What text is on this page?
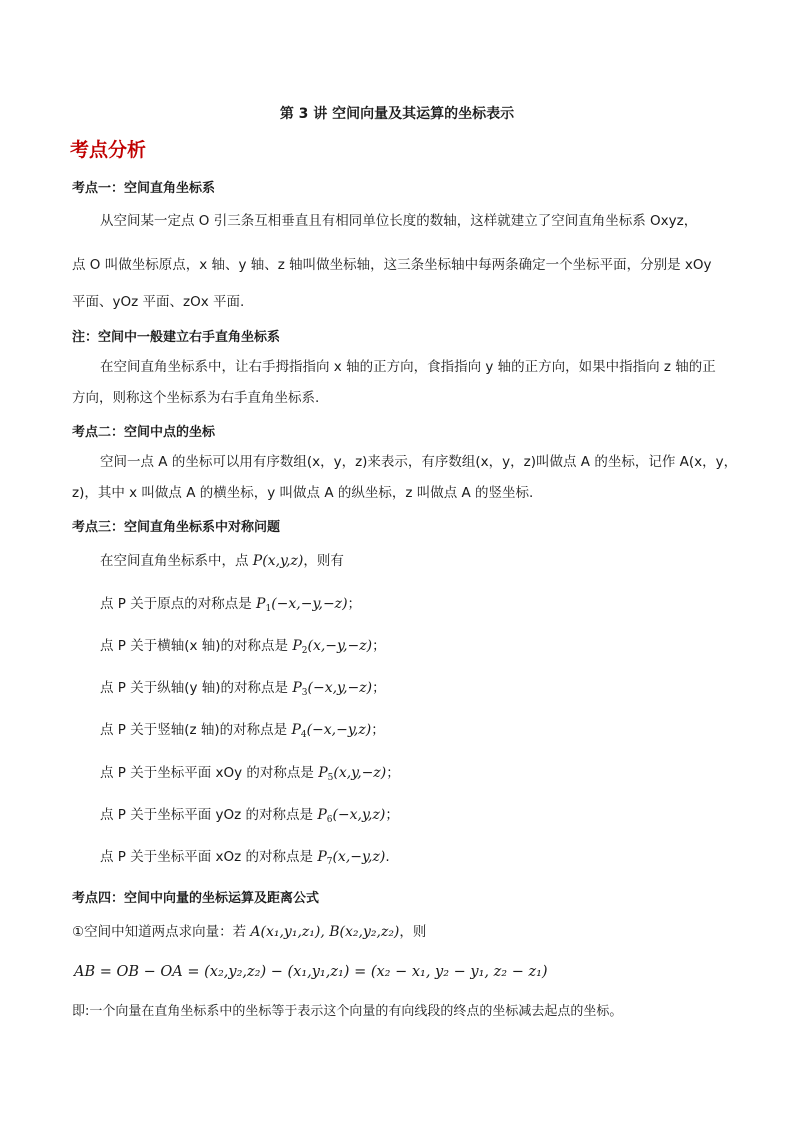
第 3 讲 空间向量及其运算的坐标表示
考点分析
考点一：空间直角坐标系
从空间某一定点 O 引三条互相垂直且有相同单位长度的数轴，这样就建立了空间直角坐标系 Oxyz，
点 O 叫做坐标原点，x 轴、y 轴、z 轴叫做坐标轴，这三条坐标轴中每两条确定一个坐标平面，分别是 xOy
平面、yOz 平面、zOx 平面.
注：空间中一般建立右手直角坐标系
在空间直角坐标系中，让右手拇指指向 x 轴的正方向，食指指向 y 轴的正方向，如果中指指向 z 轴的正
方向，则称这个坐标系为右手直角坐标系.
考点二：空间中点的坐标
空间一点 A 的坐标可以用有序数组(x，y，z)来表示，有序数组(x，y，z)叫做点 A 的坐标，记作 A(x，y，
z)，其中 x 叫做点 A 的横坐标，y 叫做点 A 的纵坐标，z 叫做点 A 的竖坐标.
考点三：空间直角坐标系中对称问题
在空间直角坐标系中，点 P(x,y,z)，则有
点 P 关于原点的对称点是 $P_1(-x,-y,-z)$；
点 P 关于横轴(x 轴)的对称点是 $P_2(x,-y,-z)$；
点 P 关于纵轴(y 轴)的对称点是 $P_3(-x,y,-z)$；
点 P 关于竖轴(z 轴)的对称点是 $P_4(-x,-y,z)$；
点 P 关于坐标平面 xOy 的对称点是 $P_5(x,y,-z)$；
点 P 关于坐标平面 yOz 的对称点是 $P_6(-x,y,z)$；
点 P 关于坐标平面 xOz 的对称点是 $P_7(x,-y,z)$.
考点四：空间中向量的坐标运算及距离公式
①空间中知道两点求向量：若 A(x₁,y₁,z₁), B(x₂,y₂,z₂)，则
AB = OB − OA = (x₂,y₂,z₂) − (x₁,y₁,z₁) = (x₂ − x₁, y₂ − y₁, z₂ − z₁)
即:一个向量在直角坐标系中的坐标等于表示这个向量的有向线段的终点的坐标减去起点的坐标。
